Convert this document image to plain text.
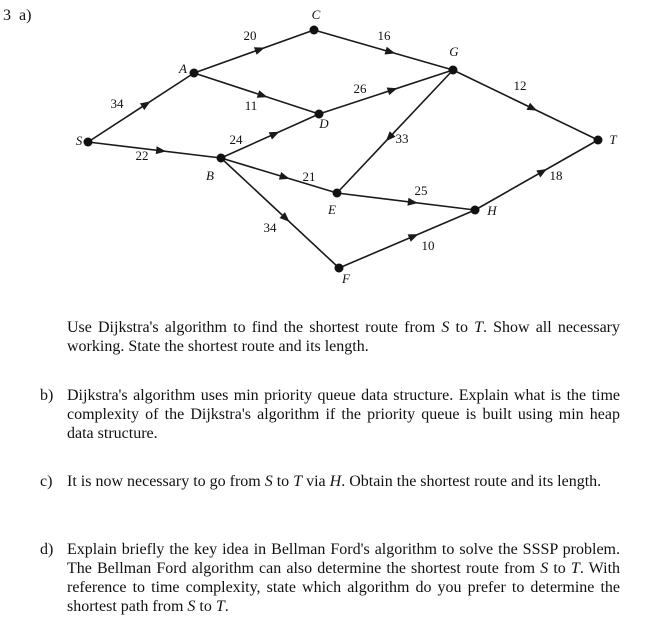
3 a)
34
22
20
11
24
21
34
16
26
33
12
25
10
18
S
A
B
C
D
E
F
G
H
T
Use Dijkstra's algorithm to find the shortest route from S to T. Show all necessary working. State the shortest route and its length.
b) Dijkstra's algorithm uses min priority queue data structure. Explain what is the time complexity of the Dijkstra's algorithm if the priority queue is built using min heap data structure.
c) It is now necessary to go from S to T via H. Obtain the shortest route and its length.
d) Explain briefly the key idea in Bellman Ford's algorithm to solve the SSSP problem. The Bellman Ford algorithm can also determine the shortest route from S to T. With reference to time complexity, state which algorithm do you prefer to determine the shortest path from S to T.
